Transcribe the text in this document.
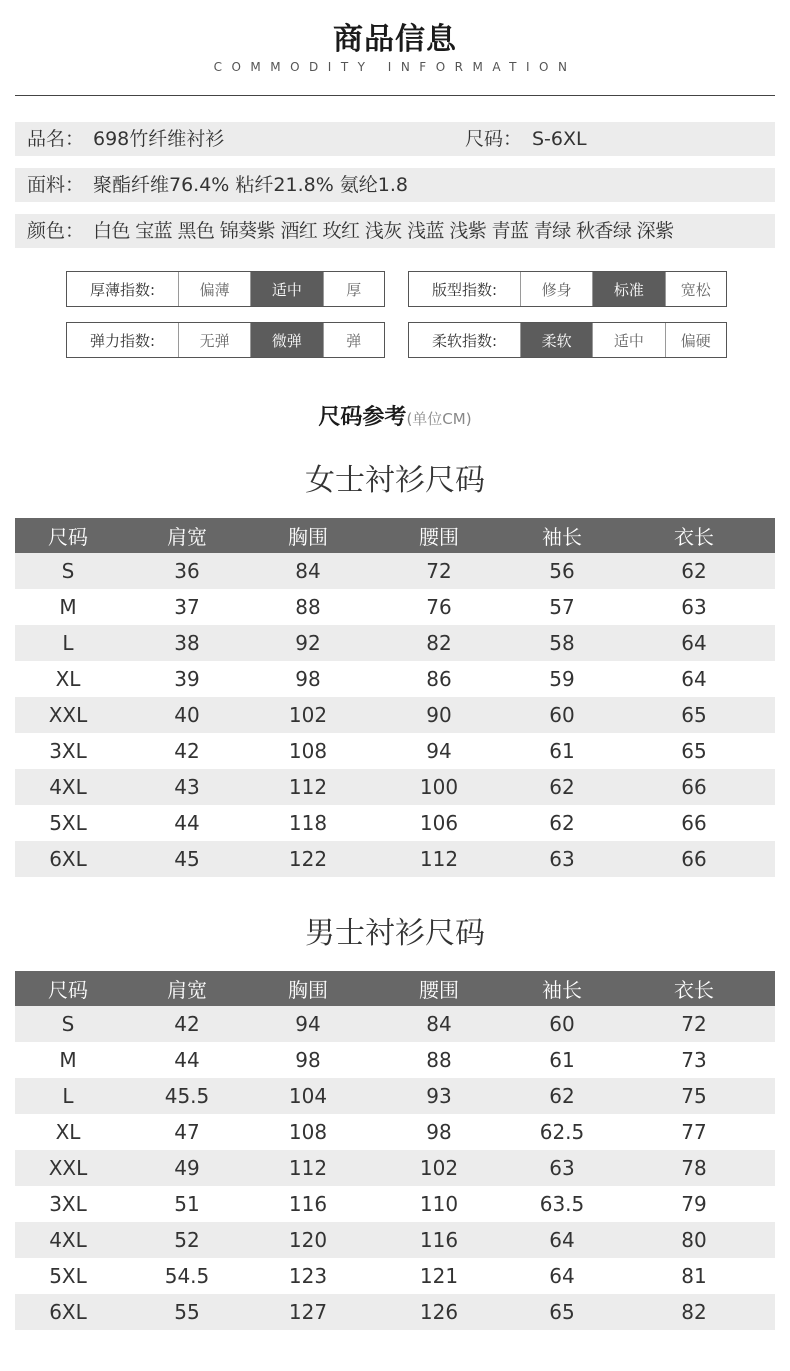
商品信息
COMMODITY INFORMATION
品名： 698竹纤维衬衫	尺码： S-6XL
面料： 聚酯纤维76.4% 粘纤21.8% 氨纶1.8
颜色： 白色 宝蓝 黑色 锦葵紫 酒红 玫红 浅灰 浅蓝 浅紫 青蓝 青绿 秋香绿 深紫
厚薄指数:	偏薄	适中	厚	版型指数:	修身	标准	宽松
弹力指数:	无弹	微弹	弹	柔软指数:	柔软	适中	偏硬
尺码参考(单位CM)
女士衬衫尺码
尺码	肩宽	胸围	腰围	袖长	衣长
S	36	84	72	56	62
M	37	88	76	57	63
L	38	92	82	58	64
XL	39	98	86	59	64
XXL	40	102	90	60	65
3XL	42	108	94	61	65
4XL	43	112	100	62	66
5XL	44	118	106	62	66
6XL	45	122	112	63	66
男士衬衫尺码
尺码	肩宽	胸围	腰围	袖长	衣长
S	42	94	84	60	72
M	44	98	88	61	73
L	45.5	104	93	62	75
XL	47	108	98	62.5	77
XXL	49	112	102	63	78
3XL	51	116	110	63.5	79
4XL	52	120	116	64	80
5XL	54.5	123	121	64	81
6XL	55	127	126	65	82
